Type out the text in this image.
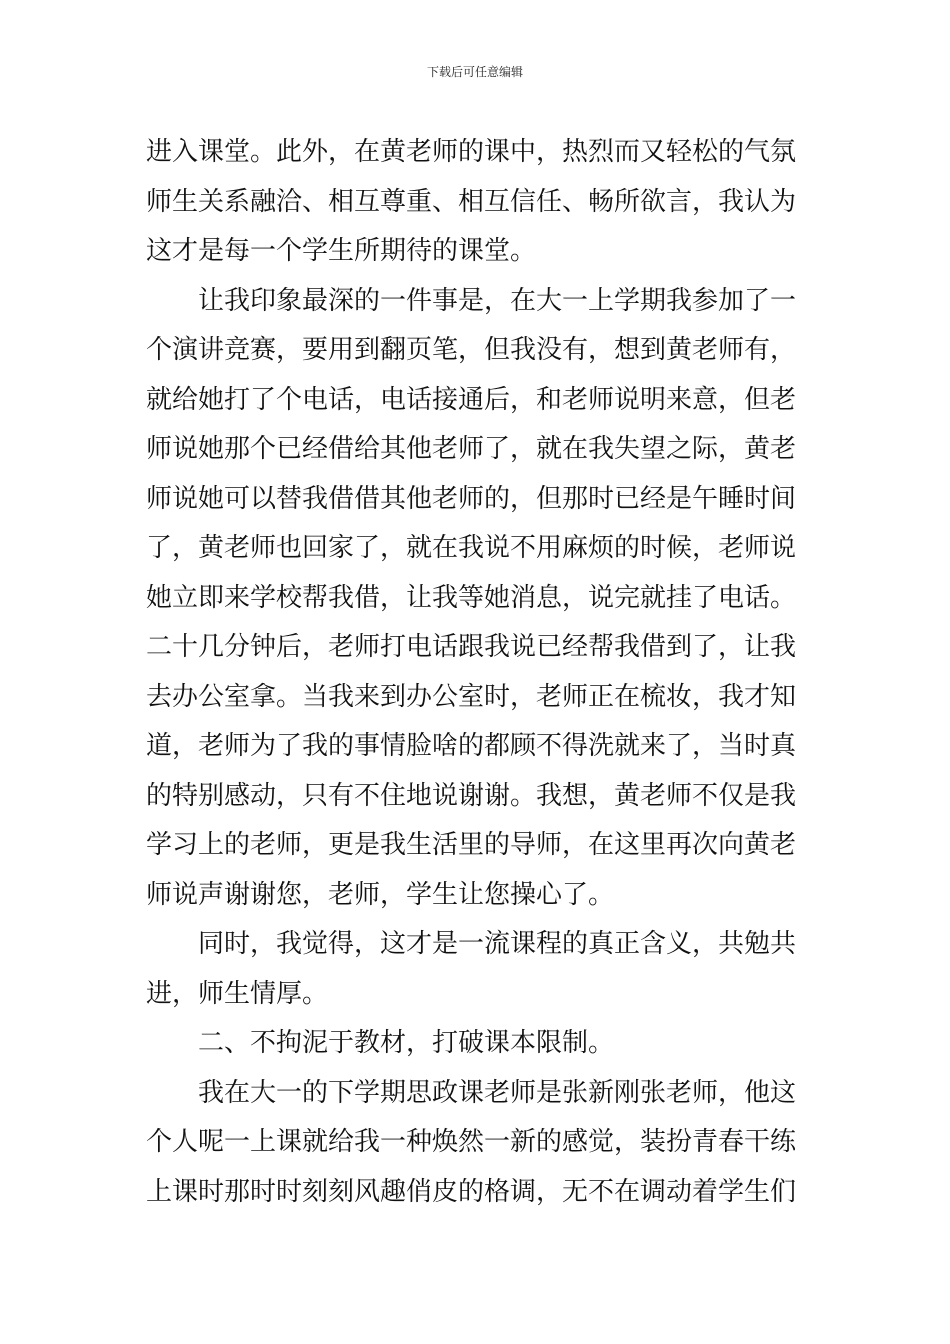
下载后可任意编辑
进入课堂。此外，在黄老师的课中，热烈而又轻松的气氛
师生关系融洽、相互尊重、相互信任、畅所欲言，我认为
这才是每一个学生所期待的课堂。
让我印象最深的一件事是，在大一上学期我参加了一
个演讲竞赛，要用到翻页笔，但我没有，想到黄老师有，
就给她打了个电话，电话接通后，和老师说明来意，但老
师说她那个已经借给其他老师了，就在我失望之际，黄老
师说她可以替我借借其他老师的，但那时已经是午睡时间
了，黄老师也回家了，就在我说不用麻烦的时候，老师说
她立即来学校帮我借，让我等她消息，说完就挂了电话。
二十几分钟后，老师打电话跟我说已经帮我借到了，让我
去办公室拿。当我来到办公室时，老师正在梳妆，我才知
道，老师为了我的事情脸啥的都顾不得洗就来了，当时真
的特别感动，只有不住地说谢谢。我想，黄老师不仅是我
学习上的老师，更是我生活里的导师，在这里再次向黄老
师说声谢谢您，老师，学生让您操心了。
同时，我觉得，这才是一流课程的真正含义，共勉共
进，师生情厚。
二、不拘泥于教材，打破课本限制。
我在大一的下学期思政课老师是张新刚张老师，他这
个人呢一上课就给我一种焕然一新的感觉，装扮青春干练
上课时那时时刻刻风趣俏皮的格调，无不在调动着学生们
